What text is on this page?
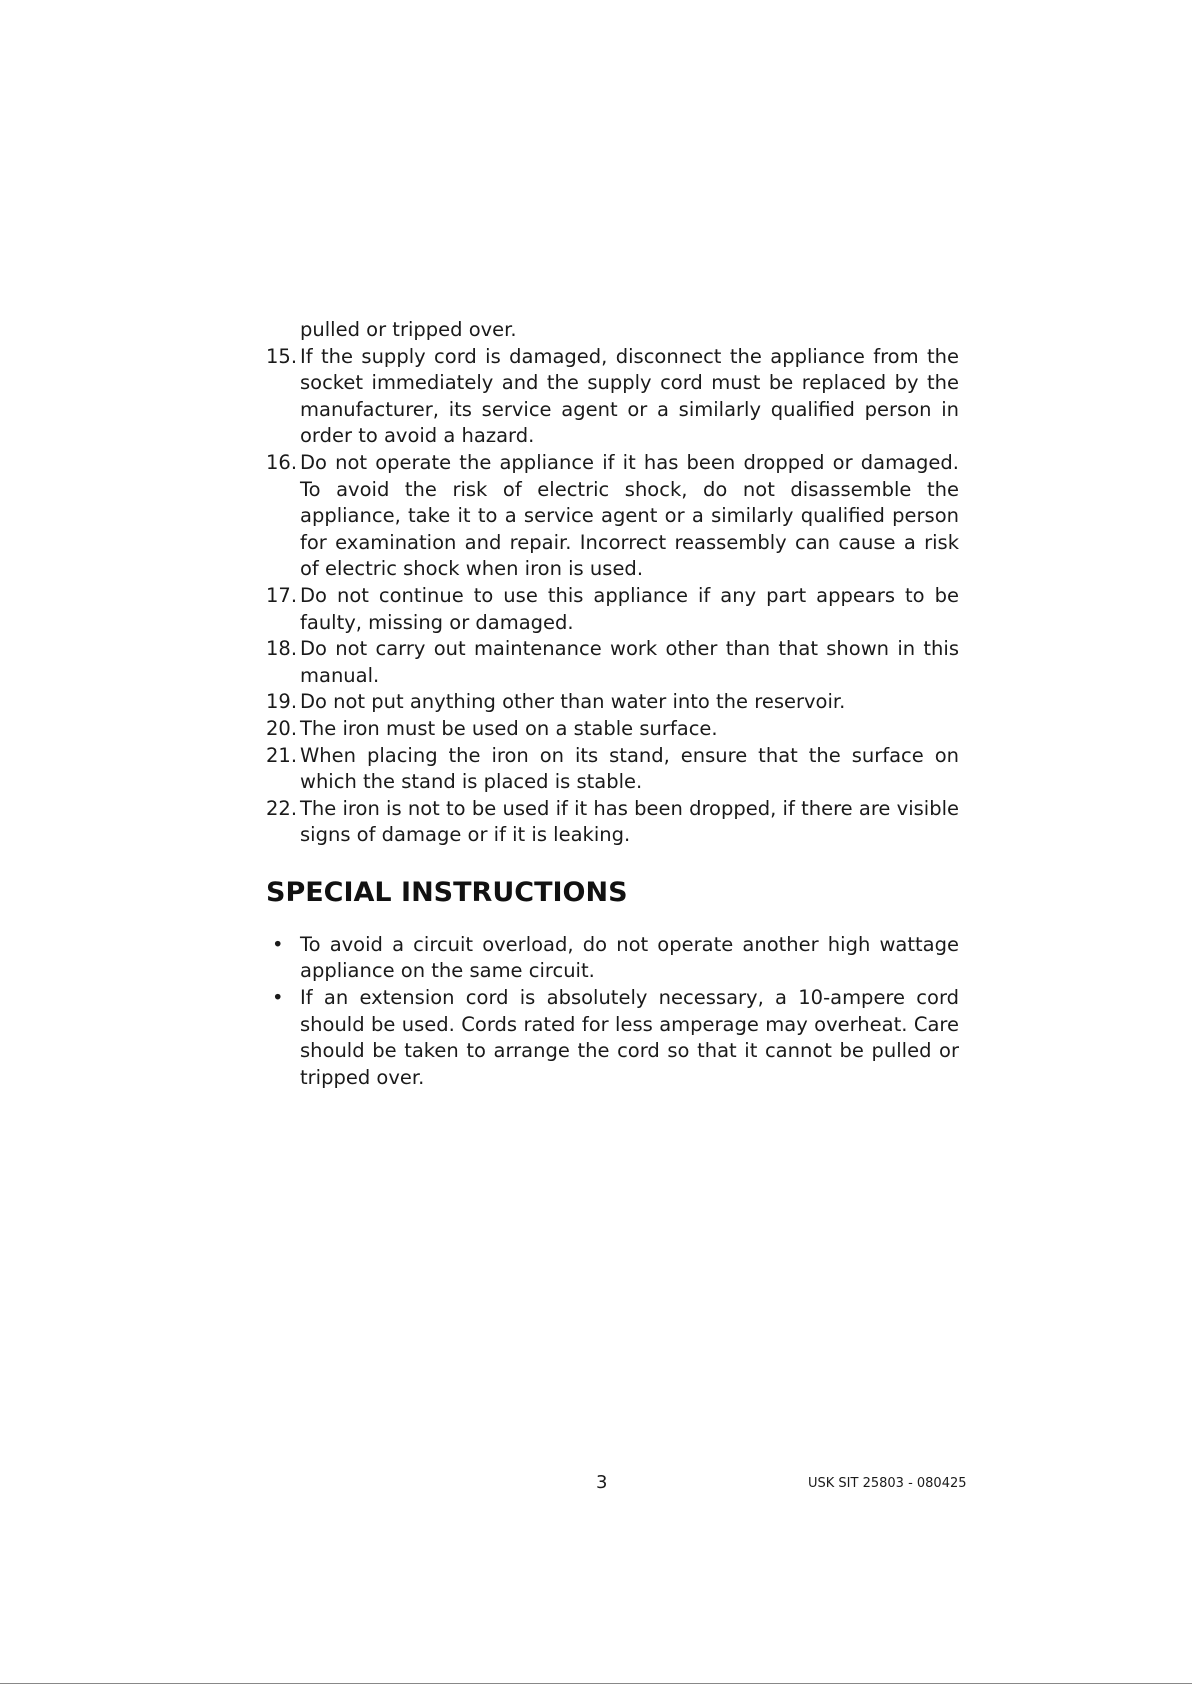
pulled or tripped over.
15. If the supply cord is damaged, disconnect the appliance from the socket immediately and the supply cord must be replaced by the manufacturer, its service agent or a similarly qualified person in order to avoid a hazard.
16. Do not operate the appliance if it has been dropped or damaged. To avoid the risk of electric shock, do not disassemble the appliance, take it to a service agent or a similarly qualified person for examination and repair. Incorrect reassembly can cause a risk of electric shock when iron is used.
17. Do not continue to use this appliance if any part appears to be faulty, missing or damaged.
18. Do not carry out maintenance work other than that shown in this manual.
19. Do not put anything other than water into the reservoir.
20. The iron must be used on a stable surface.
21. When placing the iron on its stand, ensure that the surface on which the stand is placed is stable.
22. The iron is not to be used if it has been dropped, if there are visible signs of damage or if it is leaking.
SPECIAL INSTRUCTIONS
• To avoid a circuit overload, do not operate another high wattage appliance on the same circuit.
• If an extension cord is absolutely necessary, a 10-ampere cord should be used. Cords rated for less amperage may overheat. Care should be taken to arrange the cord so that it cannot be pulled or tripped over.
3	USK SIT 25803 - 080425
